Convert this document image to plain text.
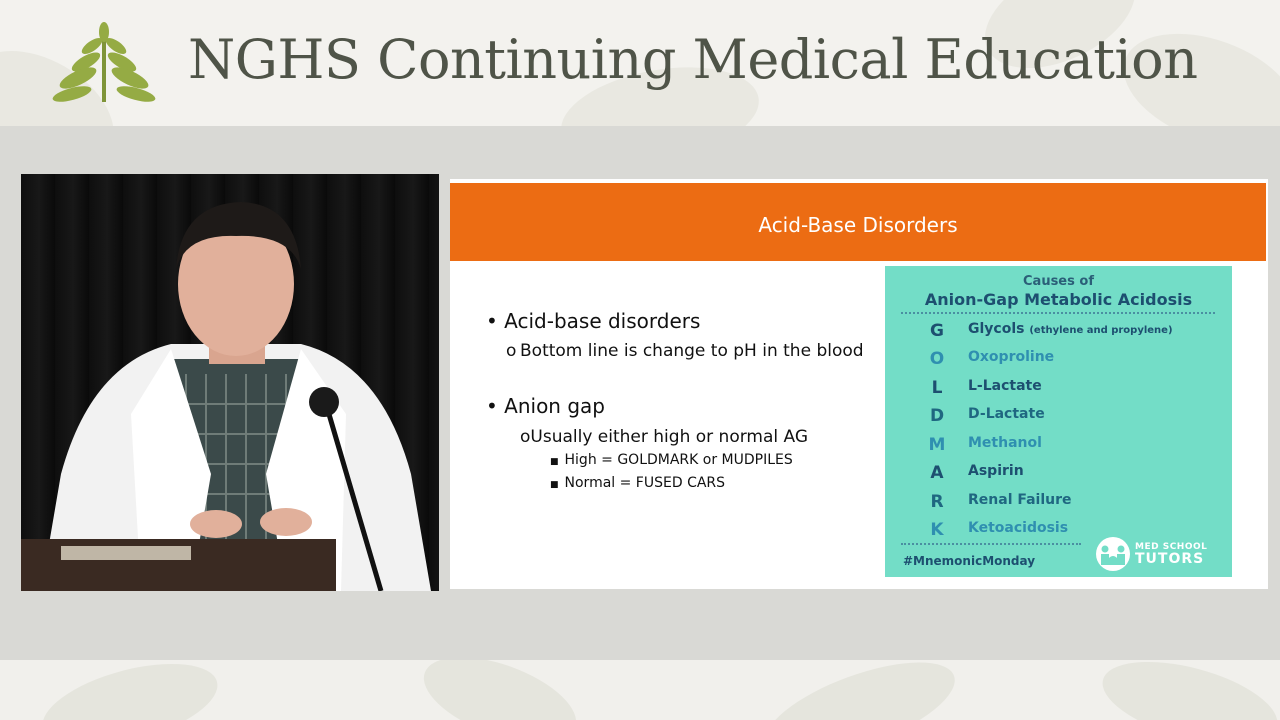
NGHS Continuing Medical Education
Acid-Base Disorders
• Acid-base disorders
o Bottom line is change to pH in the blood
• Anion gap
oUsually either high or normal AG
■ High = GOLDMARK or MUDPILES
■ Normal = FUSED CARS
Causes of
Anion-Gap Metabolic Acidosis
G	Glycols (ethylene and propylene)
O	Oxoproline
L	L-Lactate
D	D-Lactate
M Methanol
A	Aspirin
R	Renal Failure
K	Ketoacidosis
#MnemonicMonday
MED SCHOOL
TUTORS
